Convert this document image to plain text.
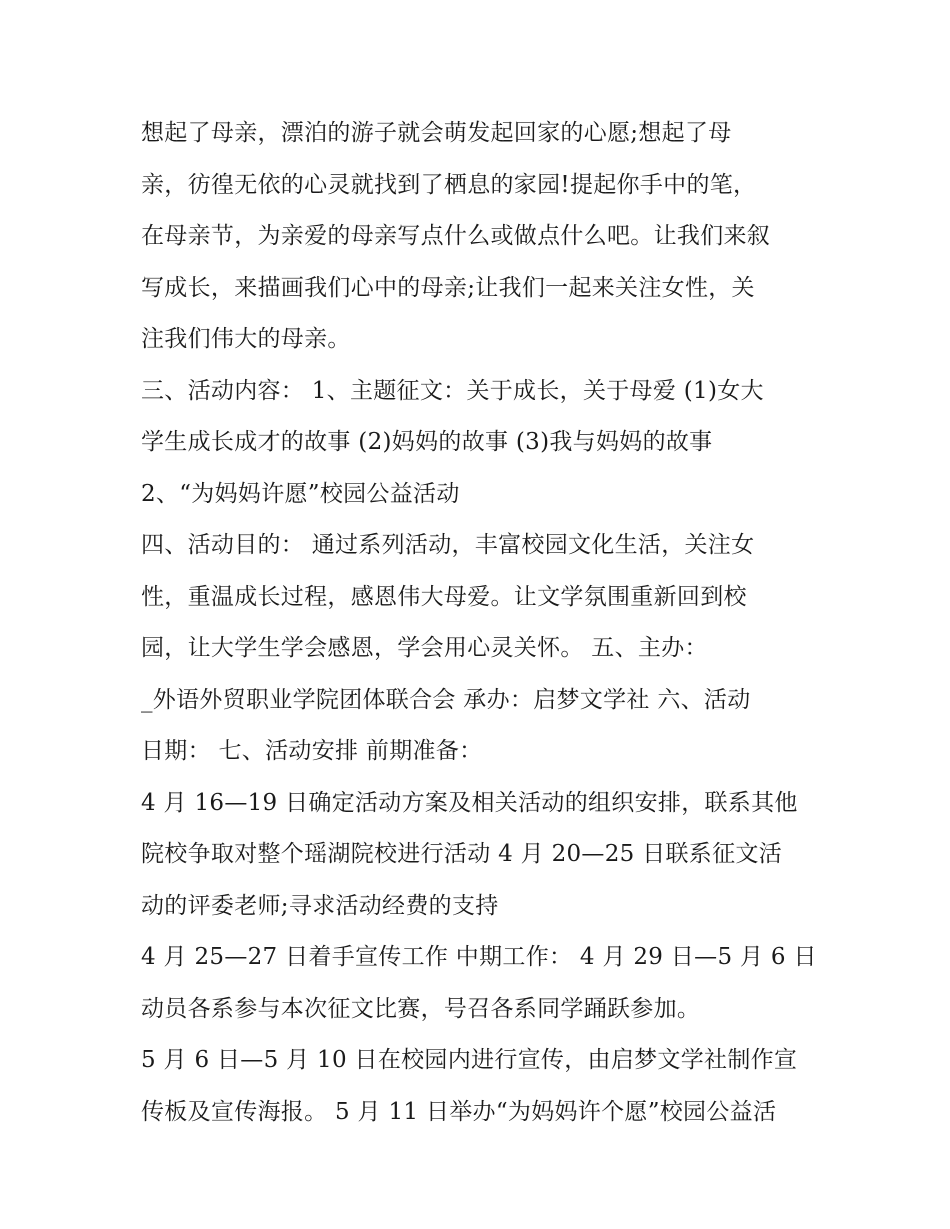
想起了母亲，漂泊的游子就会萌发起回家的心愿;想起了母
亲，彷徨无依的心灵就找到了栖息的家园!提起你手中的笔，
在母亲节，为亲爱的母亲写点什么或做点什么吧。让我们来叙
写成长，来描画我们心中的母亲;让我们一起来关注女性，关
注我们伟大的母亲。
三、活动内容： 1、主题征文：关于成长，关于母爱 (1)女大
学生成长成才的故事 (2)妈妈的故事 (3)我与妈妈的故事
2、“为妈妈许愿”校园公益活动
四、活动目的： 通过系列活动，丰富校园文化生活，关注女
性，重温成长过程，感恩伟大母爱。让文学氛围重新回到校
园，让大学生学会感恩，学会用心灵关怀。 五、主办：
_外语外贸职业学院团体联合会 承办：启梦文学社 六、活动
日期： 七、活动安排 前期准备：
4 月 16—19 日确定活动方案及相关活动的组织安排，联系其他
院校争取对整个瑶湖院校进行活动 4 月 20—25 日联系征文活
动的评委老师;寻求活动经费的支持
4 月 25—27 日着手宣传工作 中期工作： 4 月 29 日—5 月 6 日
动员各系参与本次征文比赛，号召各系同学踊跃参加。
5 月 6 日—5 月 10 日在校园内进行宣传，由启梦文学社制作宣
传板及宣传海报。 5 月 11 日举办“为妈妈许个愿”校园公益活
